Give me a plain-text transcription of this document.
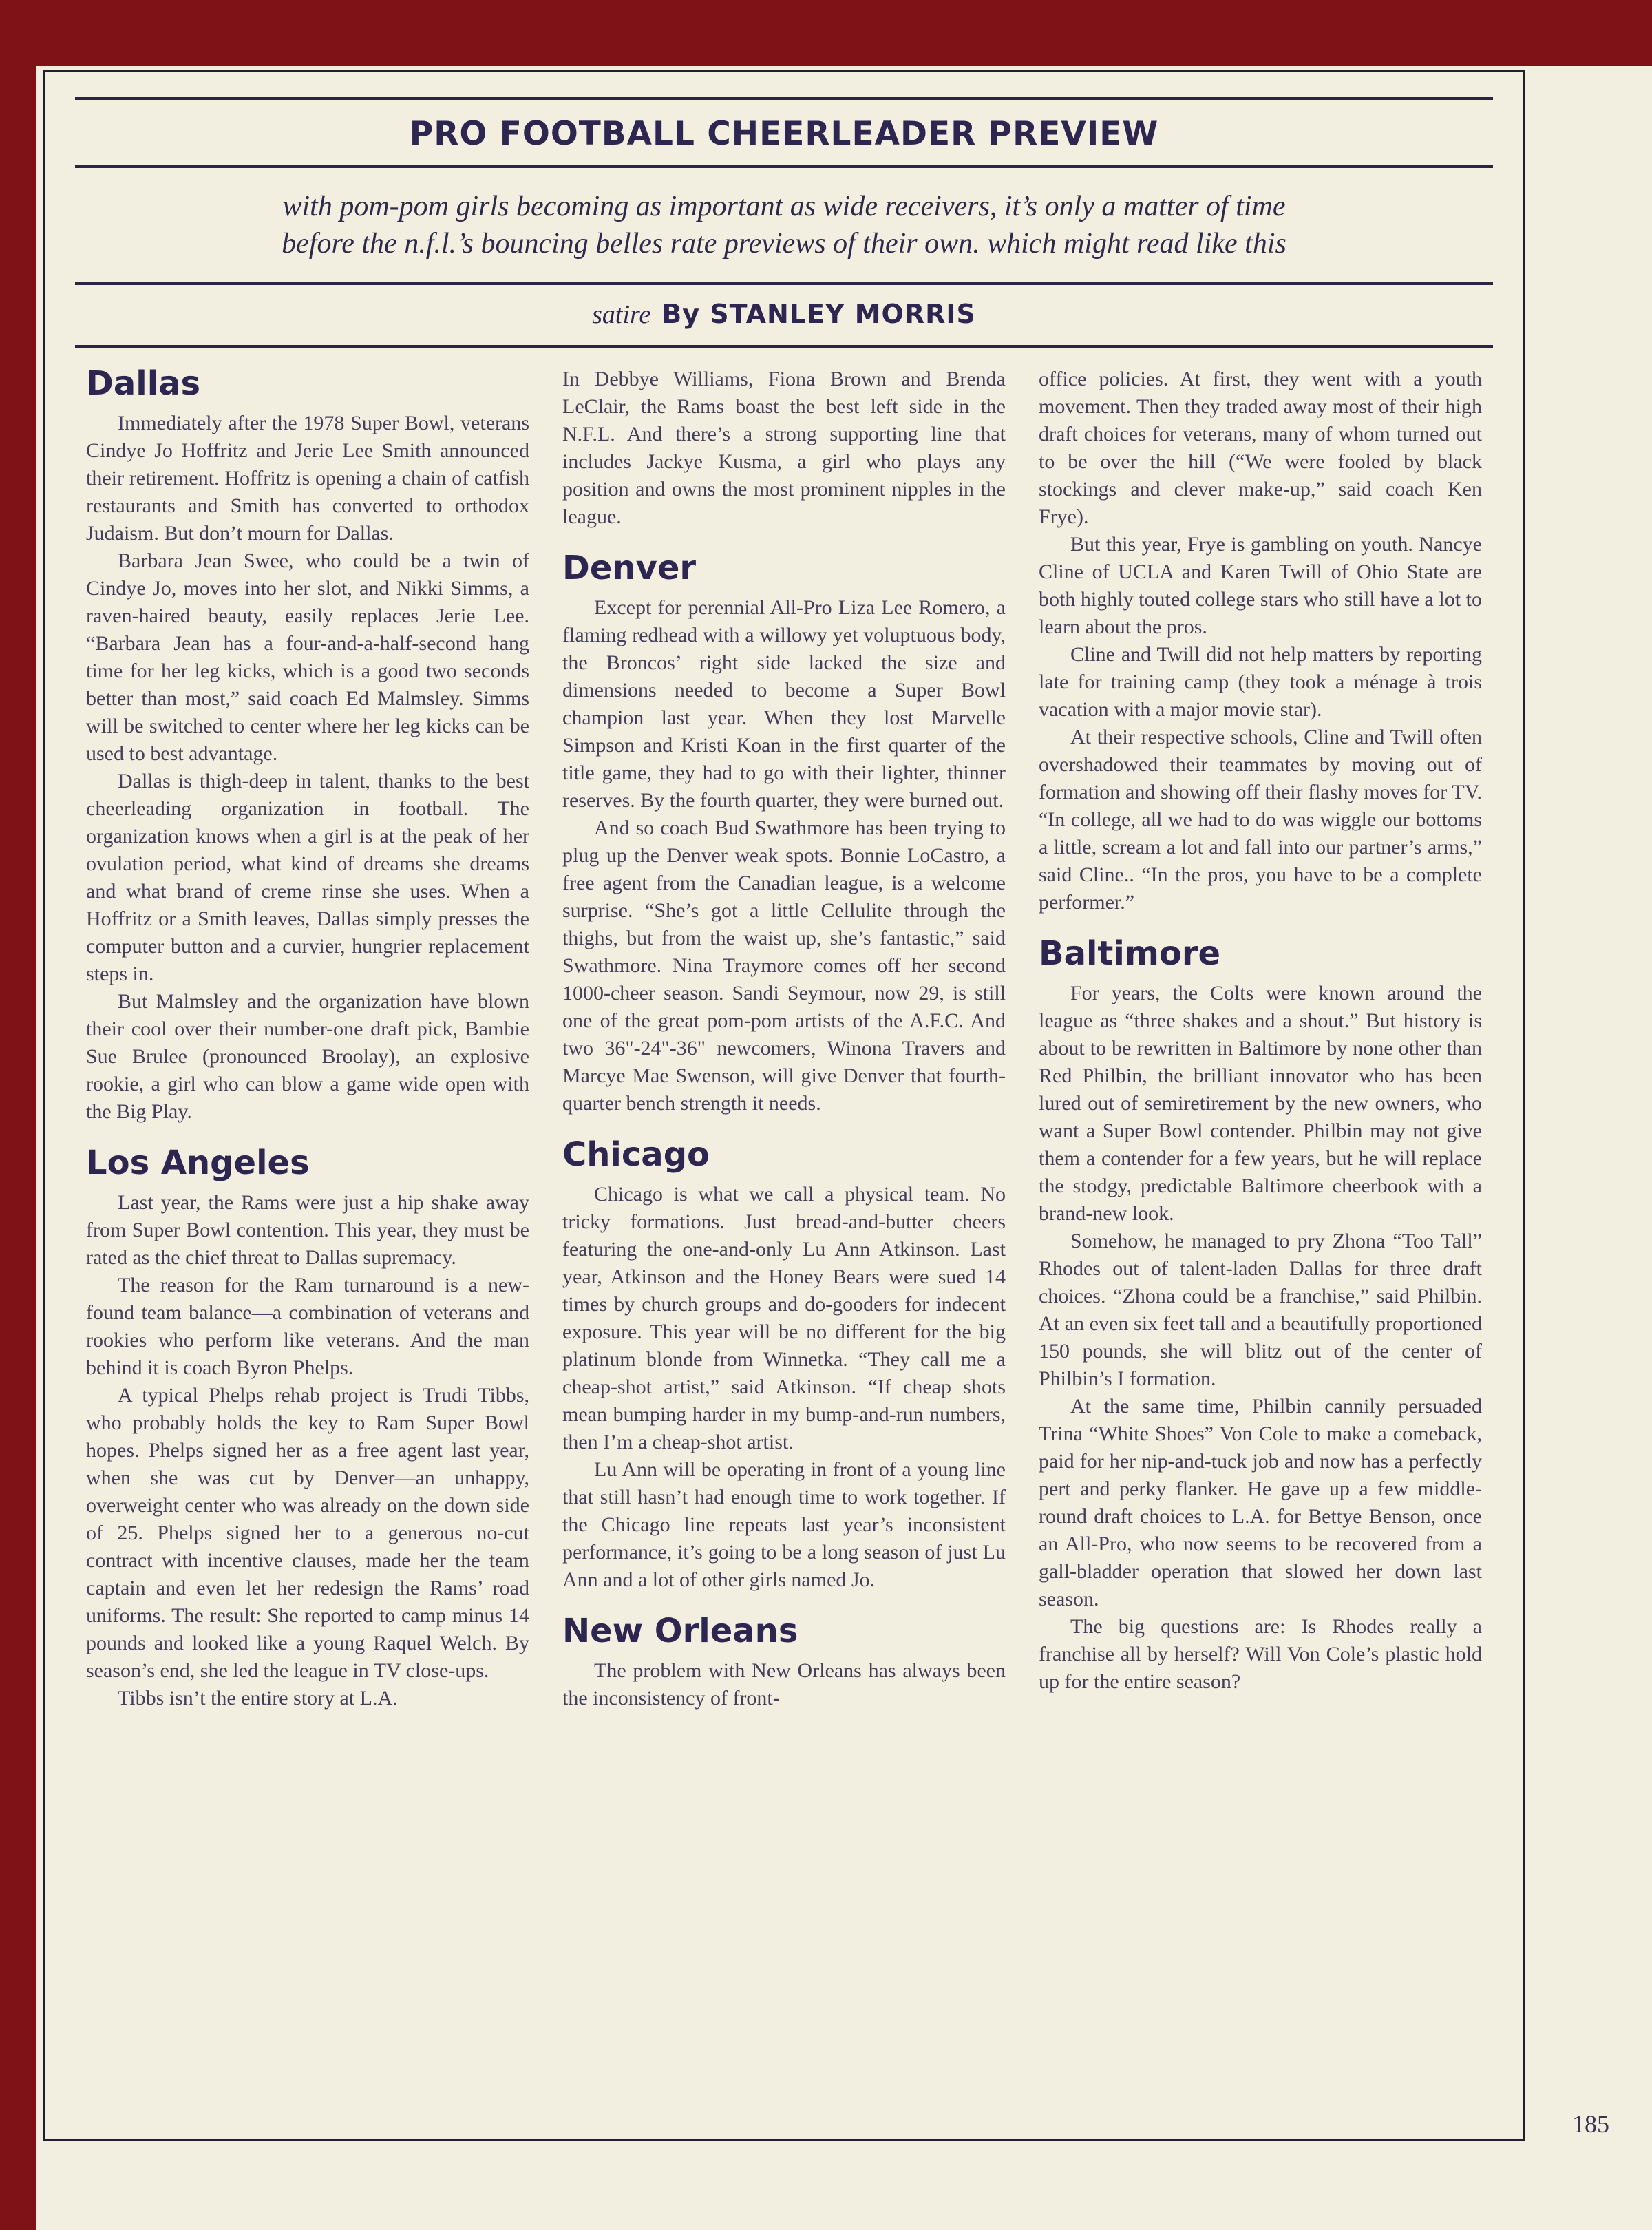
PRO FOOTBALL CHEERLEADER PREVIEW

with pom-pom girls becoming as important as wide receivers, it’s only a matter of time
before the n.f.l.’s bouncing belles rate previews of their own. which might read like this

satire By STANLEY MORRIS
Dallas

Immediately after the 1978 Super Bowl, veterans Cindye Jo Hoffritz and Jerie Lee Smith announced their retirement. Hoffritz is opening a chain of catfish restaurants and Smith has converted to orthodox Judaism. But don’t mourn for Dallas.

Barbara Jean Swee, who could be a twin of Cindye Jo, moves into her slot, and Nikki Simms, a raven-haired beauty, easily replaces Jerie Lee. “Barbara Jean has a four-and-a-half-second hang time for her leg kicks, which is a good two seconds better than most,” said coach Ed Malmsley. Simms will be switched to center where her leg kicks can be used to best advantage.

Dallas is thigh-deep in talent, thanks to the best cheerleading organization in football. The organization knows when a girl is at the peak of her ovulation period, what kind of dreams she dreams and what brand of creme rinse she uses. When a Hoffritz or a Smith leaves, Dallas simply presses the computer button and a curvier, hungrier replacement steps in.

But Malmsley and the organization have blown their cool over their number-one draft pick, Bambie Sue Brulee (pronounced Broolay), an explosive rookie, a girl who can blow a game wide open with the Big Play.

Los Angeles

Last year, the Rams were just a hip shake away from Super Bowl contention. This year, they must be rated as the chief threat to Dallas supremacy.

The reason for the Ram turnaround is a new-found team balance—a combination of veterans and rookies who perform like veterans. And the man behind it is coach Byron Phelps.

A typical Phelps rehab project is Trudi Tibbs, who probably holds the key to Ram Super Bowl hopes. Phelps signed her as a free agent last year, when she was cut by Denver—an unhappy, overweight center who was already on the down side of 25. Phelps signed her to a generous no-cut contract with incentive clauses, made her the team captain and even let her redesign the Rams’ road uniforms. The result: She reported to camp minus 14 pounds and looked like a young Raquel Welch. By season’s end, she led the league in TV close-ups.

Tibbs isn’t the entire story at L.A.

In Debbye Williams, Fiona Brown and Brenda LeClair, the Rams boast the best left side in the N.F.L. And there’s a strong supporting line that includes Jackye Kusma, a girl who plays any position and owns the most prominent nipples in the league.

Denver

Except for perennial All-Pro Liza Lee Romero, a flaming redhead with a willowy yet voluptuous body, the Broncos’ right side lacked the size and dimensions needed to become a Super Bowl champion last year. When they lost Marvelle Simpson and Kristi Koan in the first quarter of the title game, they had to go with their lighter, thinner reserves. By the fourth quarter, they were burned out.

And so coach Bud Swathmore has been trying to plug up the Denver weak spots. Bonnie LoCastro, a free agent from the Canadian league, is a welcome surprise. “She’s got a little Cellulite through the thighs, but from the waist up, she’s fantastic,” said Swathmore. Nina Traymore comes off her second 1000-cheer season. Sandi Seymour, now 29, is still one of the great pom-pom artists of the A.F.C. And two 36"-24"-36" newcomers, Winona Travers and Marcye Mae Swenson, will give Denver that fourth-quarter bench strength it needs.

Chicago

Chicago is what we call a physical team. No tricky formations. Just bread-and-butter cheers featuring the one-and-only Lu Ann Atkinson. Last year, Atkinson and the Honey Bears were sued 14 times by church groups and do-gooders for indecent exposure. This year will be no different for the big platinum blonde from Winnetka. “They call me a cheap-shot artist,” said Atkinson. “If cheap shots mean bumping harder in my bump-and-run numbers, then I’m a cheap-shot artist.

Lu Ann will be operating in front of a young line that still hasn’t had enough time to work together. If the Chicago line repeats last year’s inconsistent performance, it’s going to be a long season of just Lu Ann and a lot of other girls named Jo.

New Orleans

The problem with New Orleans has always been the inconsistency of front-

office policies. At first, they went with a youth movement. Then they traded away most of their high draft choices for veterans, many of whom turned out to be over the hill (“We were fooled by black stockings and clever make-up,” said coach Ken Frye).

But this year, Frye is gambling on youth. Nancye Cline of UCLA and Karen Twill of Ohio State are both highly touted college stars who still have a lot to learn about the pros.

Cline and Twill did not help matters by reporting late for training camp (they took a ménage à trois vacation with a major movie star).

At their respective schools, Cline and Twill often overshadowed their teammates by moving out of formation and showing off their flashy moves for TV. “In college, all we had to do was wiggle our bottoms a little, scream a lot and fall into our partner’s arms,” said Cline.. “In the pros, you have to be a complete performer.”

Baltimore

For years, the Colts were known around the league as “three shakes and a shout.” But history is about to be rewritten in Baltimore by none other than Red Philbin, the brilliant innovator who has been lured out of semiretirement by the new owners, who want a Super Bowl contender. Philbin may not give them a contender for a few years, but he will replace the stodgy, predictable Baltimore cheerbook with a brand-new look.

Somehow, he managed to pry Zhona “Too Tall” Rhodes out of talent-laden Dallas for three draft choices. “Zhona could be a franchise,” said Philbin. At an even six feet tall and a beautifully proportioned 150 pounds, she will blitz out of the center of Philbin’s I formation.

At the same time, Philbin cannily persuaded Trina “White Shoes” Von Cole to make a comeback, paid for her nip-and-tuck job and now has a perfectly pert and perky flanker. He gave up a few middle-round draft choices to L.A. for Bettye Benson, once an All-Pro, who now seems to be recovered from a gall-bladder operation that slowed her down last season.

The big questions are: Is Rhodes really a franchise all by herself? Will Von Cole’s plastic hold up for the entire season?

185
